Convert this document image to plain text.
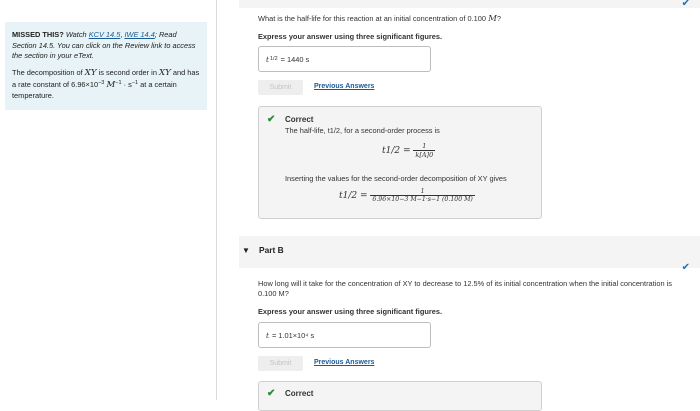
MISSED THIS? Watch KCV 14.5, IWE 14.4; Read Section 14.5. You can click on the Review link to access the section in your eText.

The decomposition of XY is second order in XY and has a rate constant of $6.96\times 10^{-3}$ $M^{-1} \cdot s^{-1}$ at a certain temperature.

✔
What is the half-life for this reaction at an initial concentration of 0.100 M?
Express your answer using three significant figures.
t 1/2 = 1440 s
Submit	Previous Answers
✔ Correct
The half-life, t1/2, for a second-order process is
$t1/2 = \frac{1}{k[A]0}$
Inserting the values for the second-order decomposition of XY gives
$t1/2 = \frac{1}{6.96\times 10-3 M-1\cdot s-1 (0.100 M)}$
▼ Part B
✔
How long will it take for the concentration of XY to decrease to 12.5% of its initial concentration when the initial concentration is 0.100 M?
Express your answer using three significant figures.
t = 1.01×10⁴ s
Submit	Previous Answers
✔ Correct
